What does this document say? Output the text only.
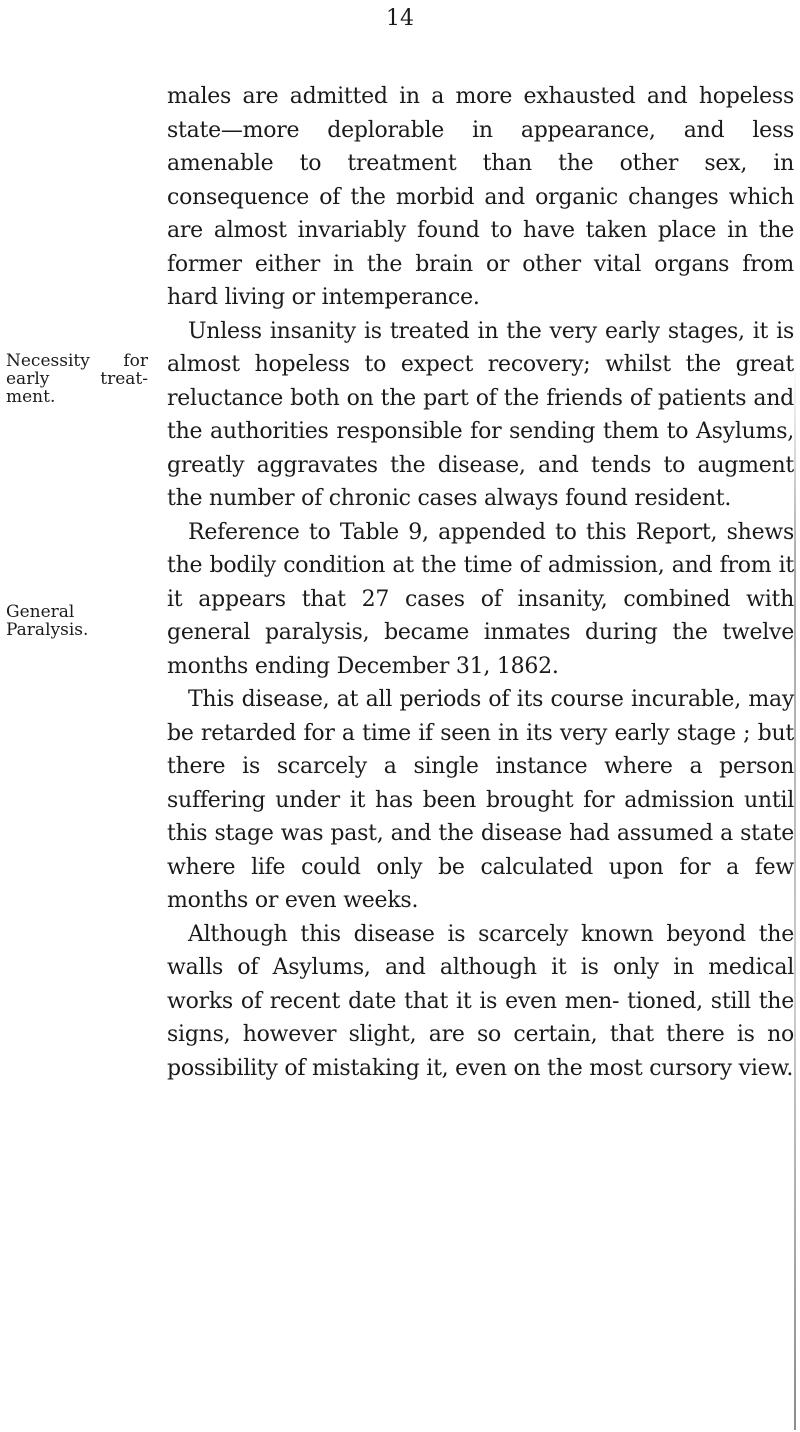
14
Necessity for early treat- ment.
General Paralysis.

males are admitted in a more exhausted and hopeless state—more deplorable in appearance, and less amenable to treatment than the other sex, in consequence of the morbid and organic changes which are almost invariably found to have taken place in the former either in the brain or other vital organs from hard living or intemperance.

Unless insanity is treated in the very early stages, it is almost hopeless to expect recovery; whilst the great reluctance both on the part of the friends of patients and the authorities responsible for sending them to Asylums, greatly aggravates the disease, and tends to augment the number of chronic cases always found resident.

Reference to Table 9, appended to this Report, shews the bodily condition at the time of admission, and from it it appears that 27 cases of insanity, combined with general paralysis, became inmates during the twelve months ending December 31, 1862.

This disease, at all periods of its course incurable, may be retarded for a time if seen in its very early stage ; but there is scarcely a single instance where a person suffering under it has been brought for admission until this stage was past, and the disease had assumed a state where life could only be calculated upon for a few months or even weeks.

Although this disease is scarcely known beyond the walls of Asylums, and although it is only in medical works of recent date that it is even men- tioned, still the signs, however slight, are so certain, that there is no possibility of mistaking it, even on the most cursory view.
